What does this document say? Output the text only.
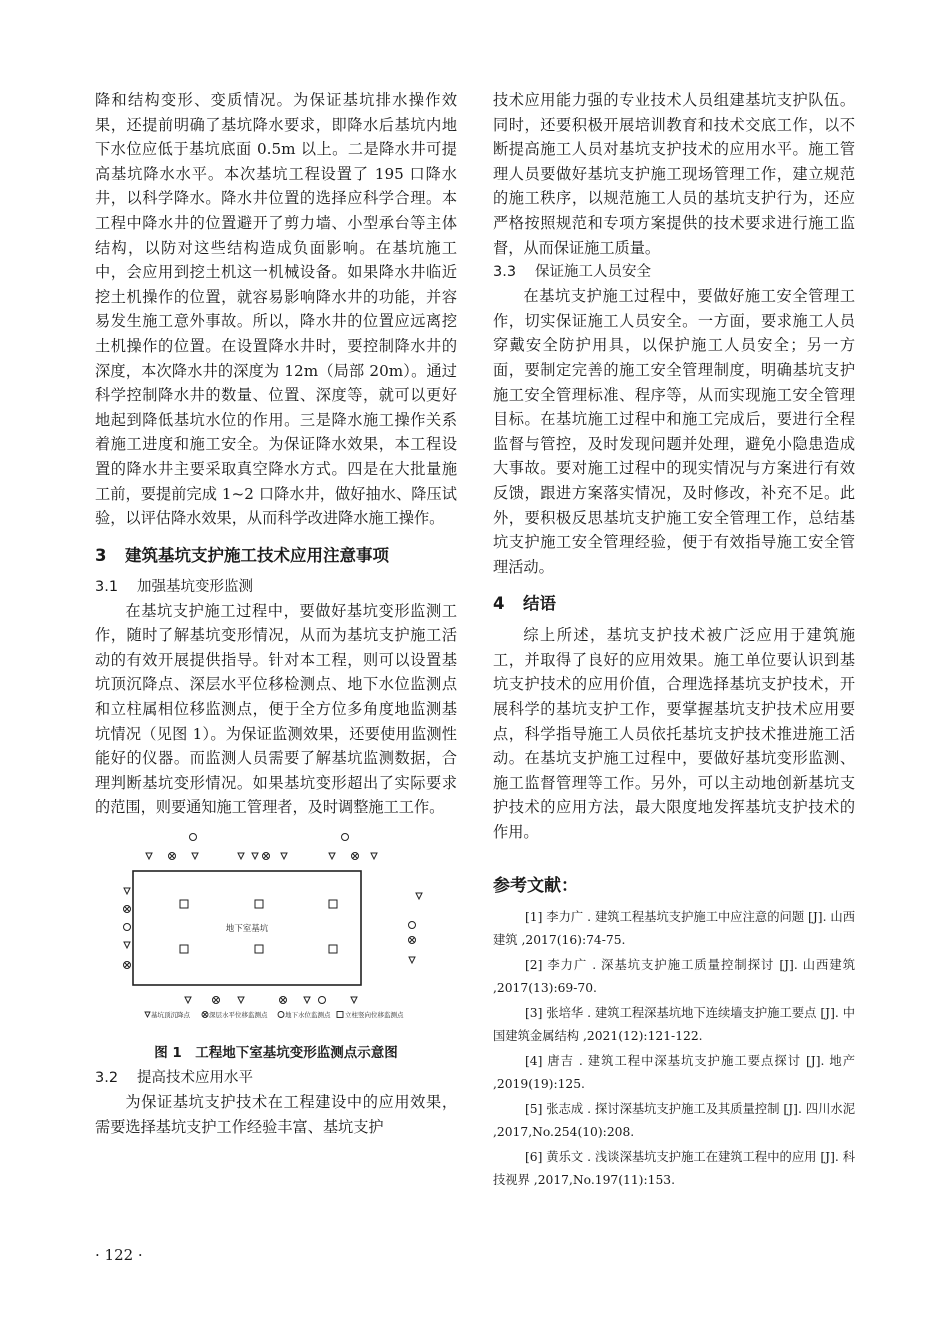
降和结构变形、变质情况。为保证基坑排水操作效果，还提前明确了基坑降水要求，即降水后基坑内地下水位应低于基坑底面 0.5m 以上。二是降水井可提高基坑降水水平。本次基坑工程设置了 195 口降水井，以科学降水。降水井位置的选择应科学合理。本工程中降水井的位置避开了剪力墙、小型承台等主体结构，以防对这些结构造成负面影响。在基坑施工中，会应用到挖土机这一机械设备。如果降水井临近挖土机操作的位置，就容易影响降水井的功能，并容易发生施工意外事故。所以，降水井的位置应远离挖土机操作的位置。在设置降水井时，要控制降水井的深度，本次降水井的深度为 12m（局部 20m）。通过科学控制降水井的数量、位置、深度等，就可以更好地起到降低基坑水位的作用。三是降水施工操作关系着施工进度和施工安全。为保证降水效果，本工程设置的降水井主要采取真空降水方式。四是在大批量施工前，要提前完成 1~2 口降水井，做好抽水、降压试验，以评估降水效果，从而科学改进降水施工操作。

3 建筑基坑支护施工技术应用注意事项
3.1 加强基坑变形监测

在基坑支护施工过程中，要做好基坑变形监测工作，随时了解基坑变形情况，从而为基坑支护施工活动的有效开展提供指导。针对本工程，则可以设置基坑顶沉降点、深层水平位移检测点、地下水位监测点和立柱属相位移监测点，便于全方位多角度地监测基坑情况（见图 1）。为保证监测效果，还要使用监测性能好的仪器。而监测人员需要了解基坑监测数据，合理判断基坑变形情况。如果基坑变形超出了实际要求的范围，则要通知施工管理者，及时调整施工工作。

地下室基坑
基坑顶沉降点	深层水平位移监测点	地下水位监测点 立柱竖向位移监测点

图 1　工程地下室基坑变形监测点示意图

3.2 提高技术应用水平

为保证基坑支护技术在工程建设中的应用效果，需要选择基坑支护工作经验丰富、基坑支护

技术应用能力强的专业技术人员组建基坑支护队伍。同时，还要积极开展培训教育和技术交底工作，以不断提高施工人员对基坑支护技术的应用水平。施工管理人员要做好基坑支护施工现场管理工作，建立规范的施工秩序，以规范施工人员的基坑支护行为，还应严格按照规范和专项方案提供的技术要求进行施工监督，从而保证施工质量。

3.3 保证施工人员安全

在基坑支护施工过程中，要做好施工安全管理工作，切实保证施工人员安全。一方面，要求施工人员穿戴安全防护用具，以保护施工人员安全；另一方面，要制定完善的施工安全管理制度，明确基坑支护施工安全管理标准、程序等，从而实现施工安全管理目标。在基坑施工过程中和施工完成后，要进行全程监督与管控，及时发现问题并处理，避免小隐患造成大事故。要对施工过程中的现实情况与方案进行有效反馈，跟进方案落实情况，及时修改，补充不足。此外，要积极反思基坑支护施工安全管理工作，总结基坑支护施工安全管理经验，便于有效指导施工安全管理活动。

4 结语

综上所述，基坑支护技术被广泛应用于建筑施工，并取得了良好的应用效果。施工单位要认识到基坑支护技术的应用价值，合理选择基坑支护技术，开展科学的基坑支护工作，要掌握基坑支护技术应用要点，科学指导施工人员依托基坑支护技术推进施工活动。在基坑支护施工过程中，要做好基坑变形监测、施工监督管理等工作。另外，可以主动地创新基坑支护技术的应用方法，最大限度地发挥基坑支护技术的作用。

参考文献：

[1] 李力广 . 建筑工程基坑支护施工中应注意的问题 [J]. 山西建筑 ,2017(16):74-75.

[2] 李力广 . 深基坑支护施工质量控制探讨 [J]. 山西建筑 ,2017(13):69-70.

[3] 张培华 . 建筑工程深基坑地下连续墙支护施工要点 [J]. 中国建筑金属结构 ,2021(12):121-122.

[4] 唐吉 . 建筑工程中深基坑支护施工要点探讨 [J]. 地产 ,2019(19):125.

[5] 张志成 . 探讨深基坑支护施工及其质量控制 [J]. 四川水泥 ,2017,No.254(10):208.

[6] 黄乐文 . 浅谈深基坑支护施工在建筑工程中的应用 [J]. 科技视界 ,2017,No.197(11):153.

· 122 ·
